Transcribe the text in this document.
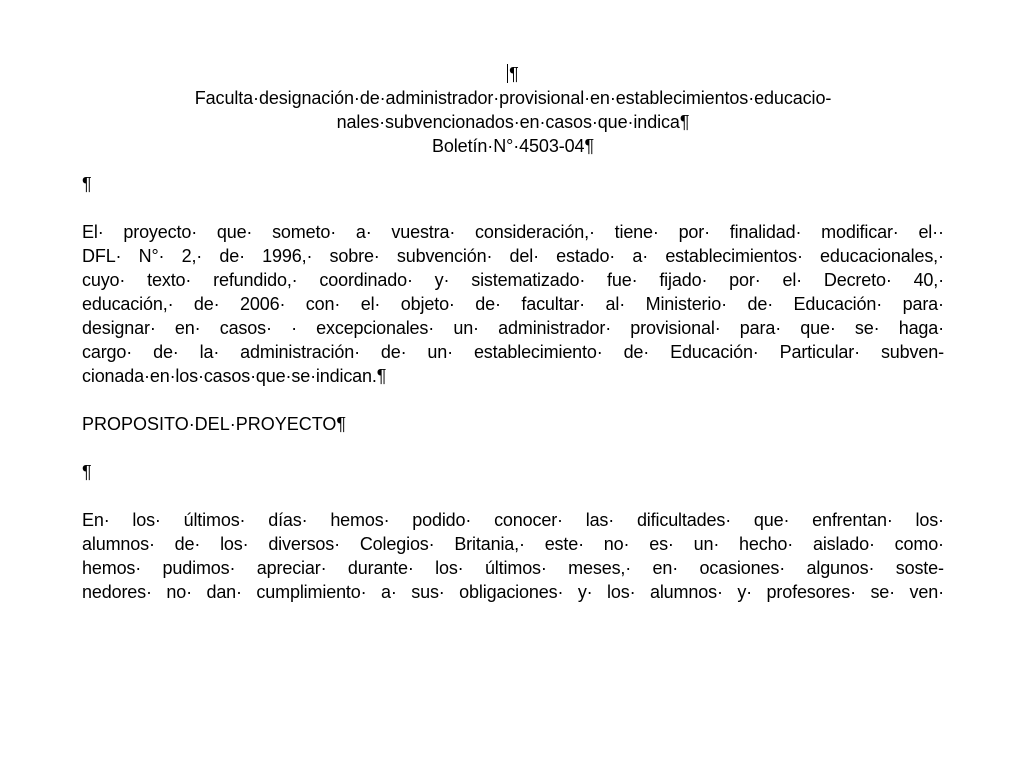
¶
Faculta·designación·de·administrador·provisional·en·establecimientos·educacio-
nales·subvencionados·en·casos·que·indica¶
Boletín·N°·4503-04¶
¶
El· proyecto· que· someto· a· vuestra· consideración,· tiene· por· finalidad· modificar· el··
DFL· N°· 2,· de· 1996,· sobre· subvención· del· estado· a· establecimientos· educacionales,·
cuyo· texto· refundido,· coordinado· y· sistematizado· fue· fijado· por· el· Decreto· 40,·
educación,· de· 2006· con· el· objeto· de· facultar· al· Ministerio· de· Educación· para·
designar· en· casos· · excepcionales· un· administrador· provisional· para· que· se· haga·
cargo· de· la· administración· de· un· establecimiento· de· Educación· Particular· subven-
cionada·en·los·casos·que·se·indican.¶
PROPOSITO·DEL·PROYECTO¶
¶
En· los· últimos· días· hemos· podido· conocer· las· dificultades· que· enfrentan· los·
alumnos· de· los· diversos· Colegios· Britania,· este· no· es· un· hecho· aislado· como·
hemos· pudimos· apreciar· durante· los· últimos· meses,· en· ocasiones· algunos· soste-
nedores· no· dan· cumplimiento· a· sus· obligaciones· y· los· alumnos· y· profesores· se· ven·
